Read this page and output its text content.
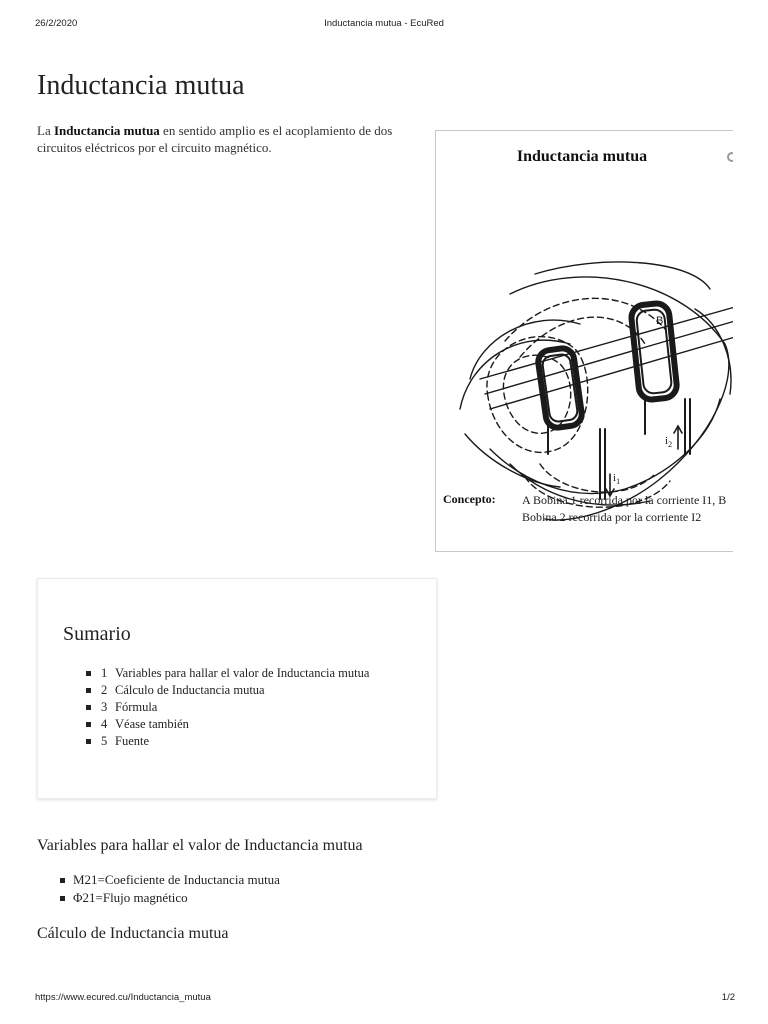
26/2/2020	Inductancia mutua - EcuRed
Inductancia mutua

La Inductancia mutua en sentido amplio es el acoplamiento de dos circuitos eléctricos por el circuito magnético.

Inductancia mutua
A
B
$i_1$
$i_2$
Concepto: A Bobina 1 recorrida por la corriente I1, B Bobina 2 recorrida por la corriente I2
Sumario
1 Variables para hallar el valor de Inductancia mutua
2 Cálculo de Inductancia mutua
3 Fórmula
4 Véase también
5 Fuente
Variables para hallar el valor de Inductancia mutua
M21=Coeficiente de Inductancia mutua
Φ21=Flujo magnético
Cálculo de Inductancia mutua
https://www.ecured.cu/Inductancia_mutua	1/2
